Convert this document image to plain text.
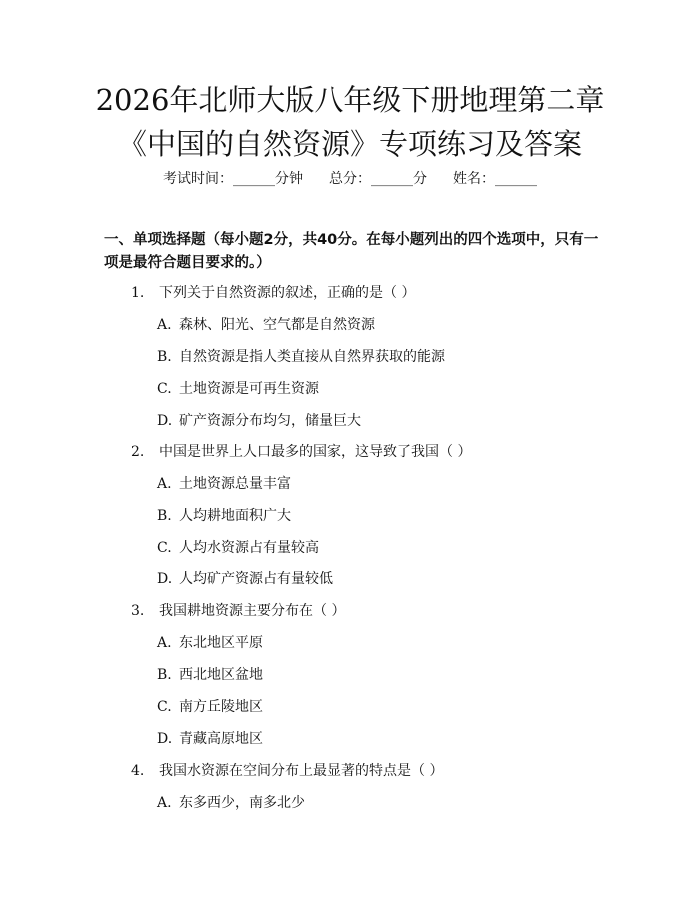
2026年北师大版八年级下册地理第二章《中国的自然资源》专项练习及答案
考试时间：______分钟 总分：______分 姓名：______

一、单项选择题（每小题2分，共40分。在每小题列出的四个选项中，只有一项是最符合题目要求的。）

1. 下列关于自然资源的叙述，正确的是（ ）
A. 森林、阳光、空气都是自然资源
B. 自然资源是指人类直接从自然界获取的能源
C. 土地资源是可再生资源
D. 矿产资源分布均匀，储量巨大
2. 中国是世界上人口最多的国家，这导致了我国（ ）
A. 土地资源总量丰富
B. 人均耕地面积广大
C. 人均水资源占有量较高
D. 人均矿产资源占有量较低
3. 我国耕地资源主要分布在（ ）
A. 东北地区平原
B. 西北地区盆地
C. 南方丘陵地区
D. 青藏高原地区
4. 我国水资源在空间分布上最显著的特点是（ ）
A. 东多西少，南多北少
